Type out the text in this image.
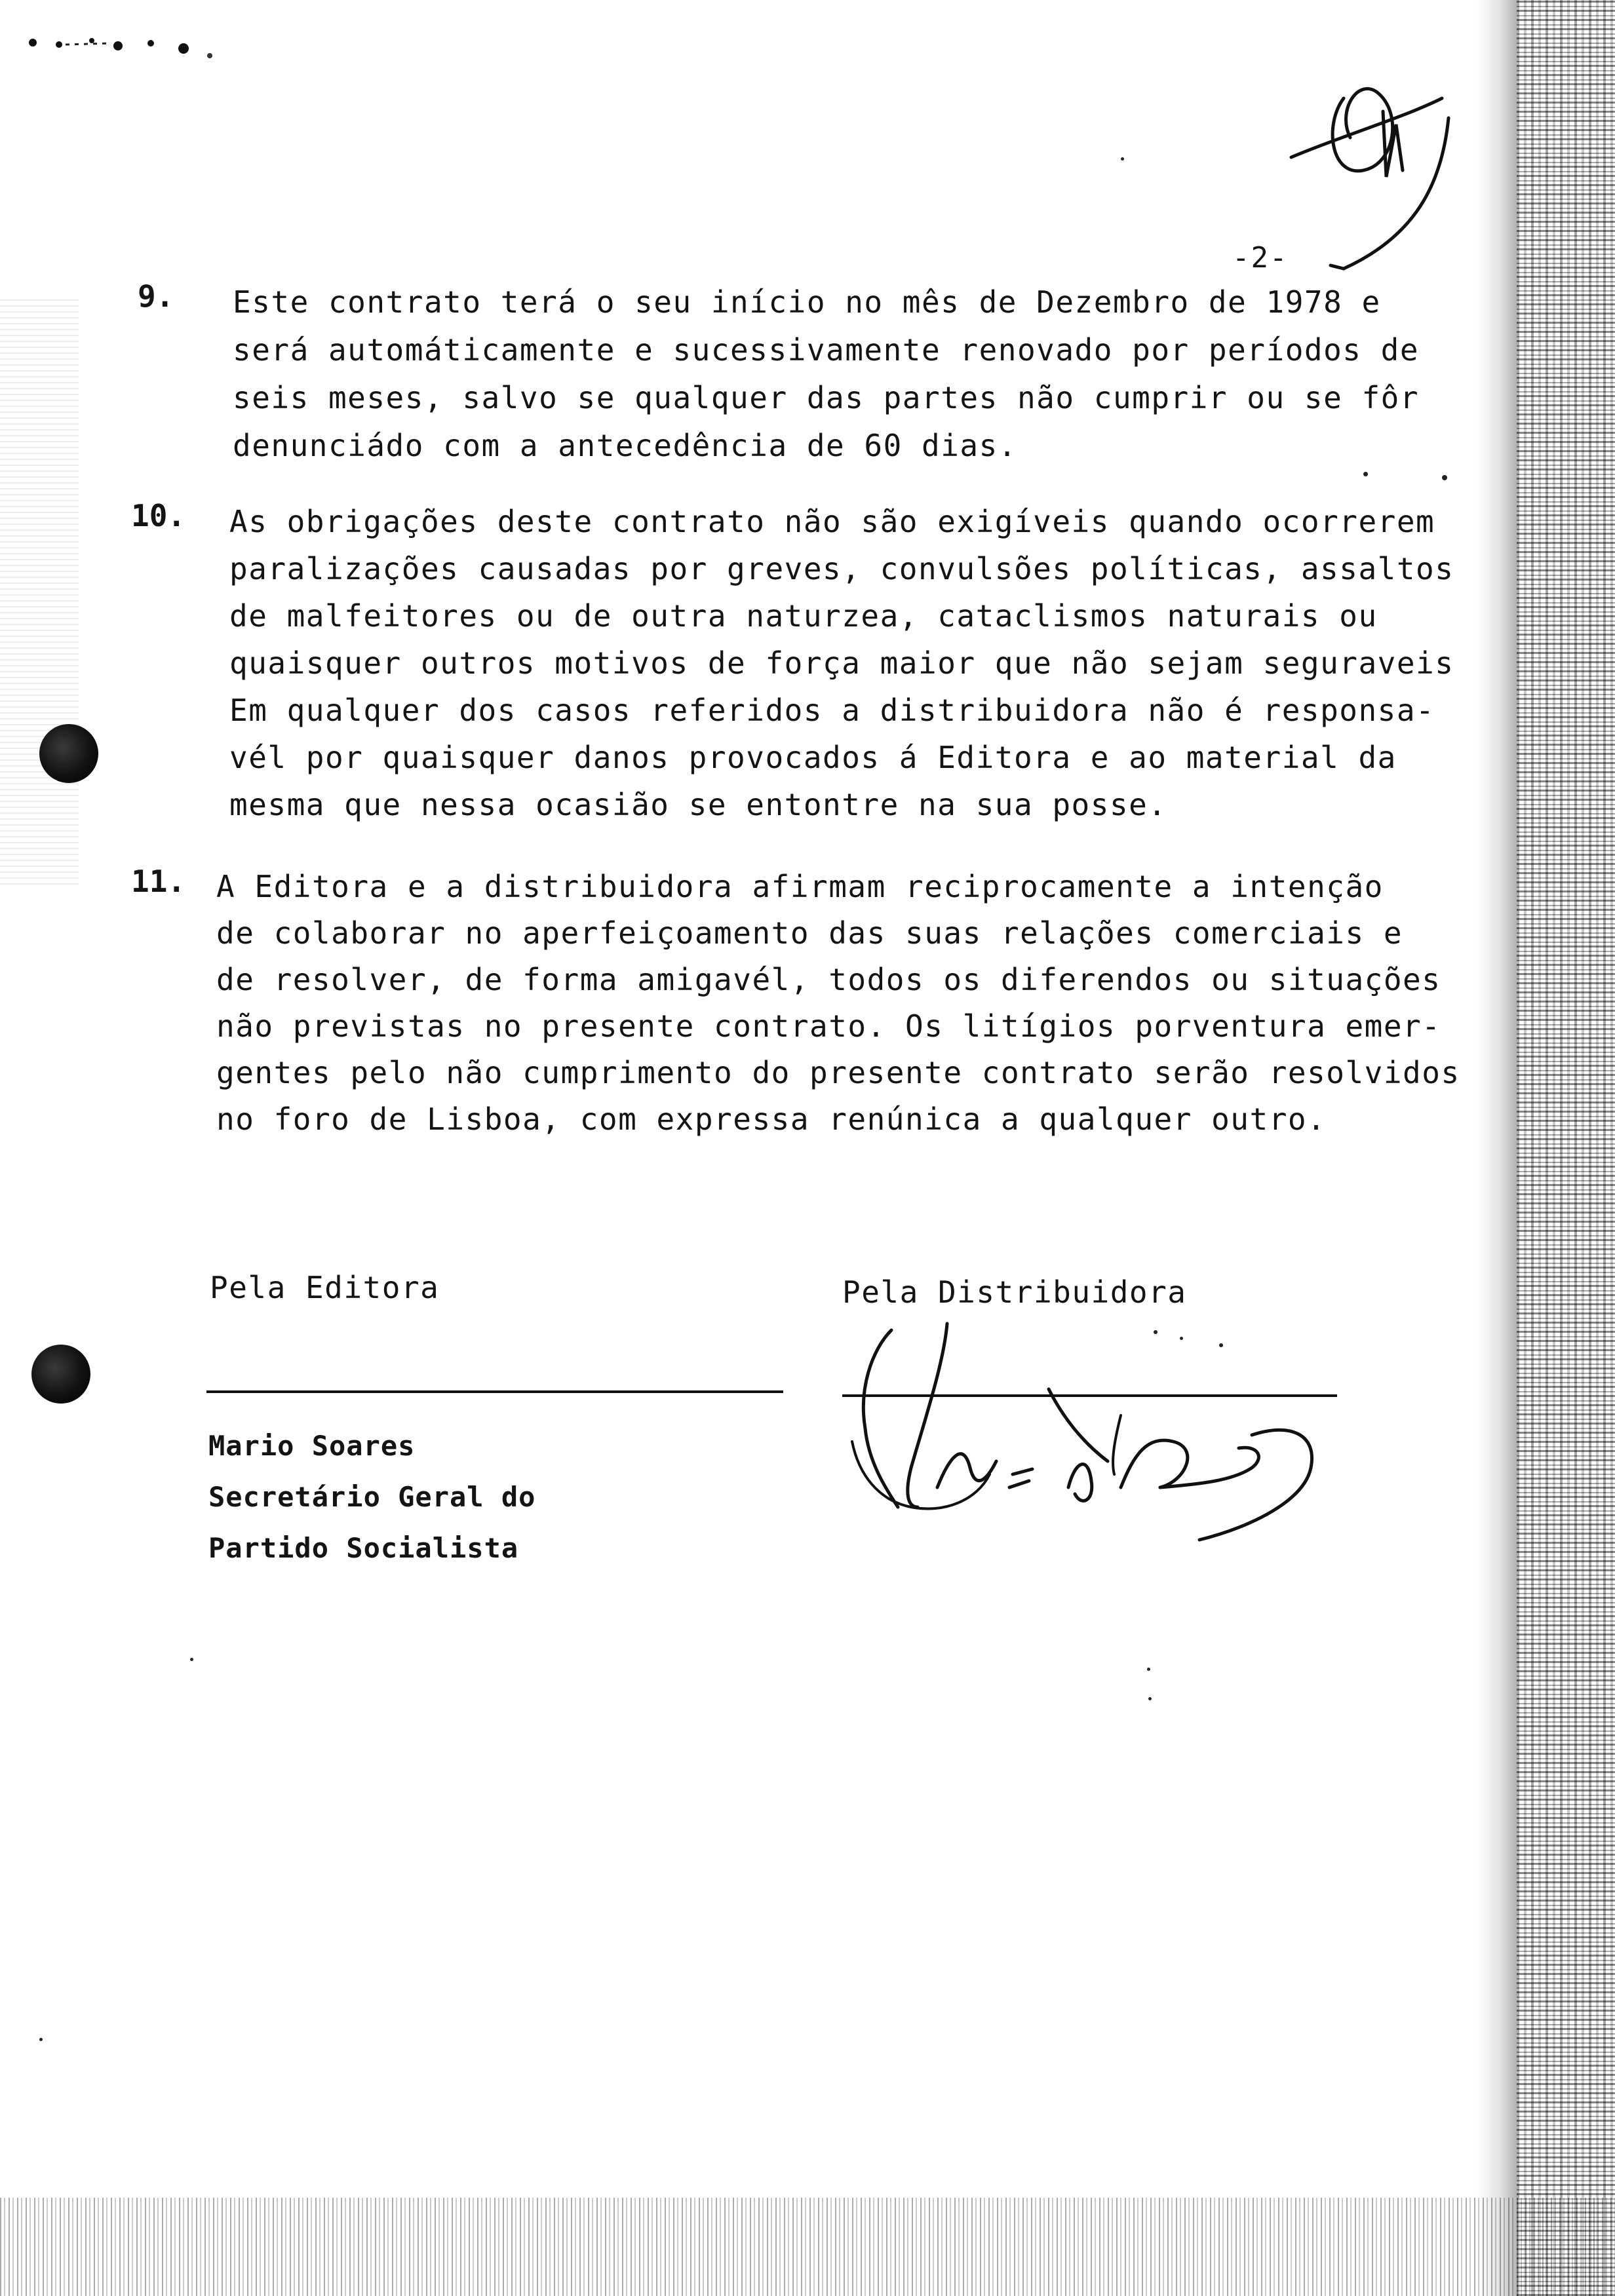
-2-
9. Este contrato terá o seu início no mês de Dezembro de 1978 e
será automáticamente e sucessivamente renovado por períodos de
seis meses, salvo se qualquer das partes não cumprir ou se fôr
denunciádo com a antecedência de 60 dias.
10. As obrigações deste contrato não são exigíveis quando ocorrerem
paralizações causadas por greves, convulsões políticas, assaltos
de malfeitores ou de outra naturzea, cataclismos naturais ou
quaisquer outros motivos de força maior que não sejam seguraveis
Em qualquer dos casos referidos a distribuidora não é responsa-
vél por quaisquer danos provocados á Editora e ao material da
mesma que nessa ocasião se entontre na sua posse.
11. A Editora e a distribuidora afirmam reciprocamente a intenção
de colaborar no aperfeiçoamento das suas relações comerciais e
de resolver, de forma amigavél, todos os diferendos ou situações
não previstas no presente contrato. Os litígios porventura emer-
gentes pelo não cumprimento do presente contrato serão resolvidos
no foro de Lisboa, com expressa renúnica a qualquer outro.
Pela Editora	Pela Distribuidora
Mario Soares
Secretário Geral do
Partido Socialista
